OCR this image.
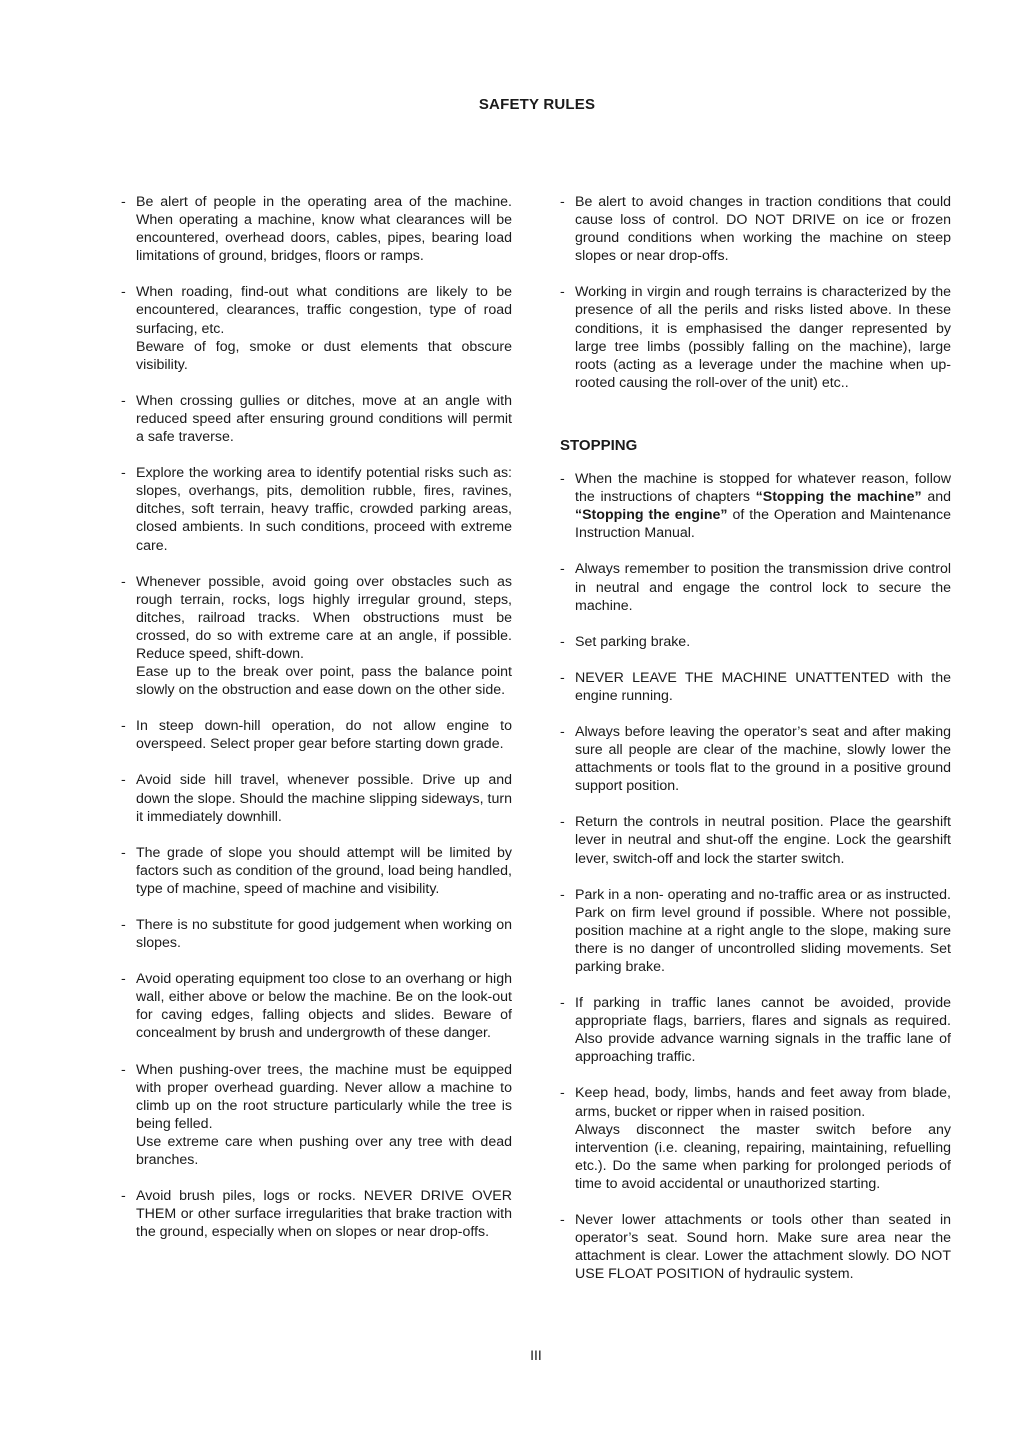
SAFETY RULES
- Be alert of people in the operating area of the machine. When operating a machine, know what clearances will be encountered, overhead doors, cables, pipes, bearing load limitations of ground, bridges, floors or ramps.

- When roading, find-out what conditions are likely to be encountered, clearances, traffic congestion, type of road surfacing, etc.

Beware of fog, smoke or dust elements that obscure visibility.

- When crossing gullies or ditches, move at an angle with reduced speed after ensuring ground conditions will permit a safe traverse.

- Explore the working area to identify potential risks such as: slopes, overhangs, pits, demolition rubble, fires, ravines, ditches, soft terrain, heavy traffic, crowded parking areas, closed ambients. In such conditions, proceed with extreme care.

- Whenever possible, avoid going over obstacles such as rough terrain, rocks, logs highly irregular ground, steps, ditches, railroad tracks. When obstructions must be crossed, do so with extreme care at an angle, if possible. Reduce speed, shift-down.

Ease up to the break over point, pass the balance point slowly on the obstruction and ease down on the other side.

- In steep down-hill operation, do not allow engine to overspeed. Select proper gear before starting down grade.

- Avoid side hill travel, whenever possible. Drive up and down the slope. Should the machine slipping sideways, turn it immediately downhill.

- The grade of slope you should attempt will be limited by factors such as condition of the ground, load being handled, type of machine, speed of machine and visibility.

- There is no substitute for good judgement when working on slopes.

- Avoid operating equipment too close to an overhang or high wall, either above or below the machine. Be on the look-out for caving edges, falling objects and slides. Beware of concealment by brush and undergrowth of these danger.

- When pushing-over trees, the machine must be equipped with proper overhead guarding. Never allow a machine to climb up on the root structure particularly while the tree is being felled.

Use extreme care when pushing over any tree with dead branches.

- Avoid brush piles, logs or rocks. NEVER DRIVE OVER THEM or other surface irregularities that brake traction with the ground, especially when on slopes or near drop-offs.

- Be alert to avoid changes in traction conditions that could cause loss of control. DO NOT DRIVE on ice or frozen ground conditions when working the machine on steep slopes or near drop-offs.

- Working in virgin and rough terrains is characterized by the presence of all the perils and risks listed above. In these conditions, it is emphasised the danger represented by large tree limbs (possibly falling on the machine), large roots (acting as a leverage under the machine when up-rooted causing the roll-over of the unit) etc..

STOPPING
- When the machine is stopped for whatever reason, follow the instructions of chapters “Stopping the machine” and “Stopping the engine” of the Operation and Maintenance Instruction Manual.

- Always remember to position the transmission drive control in neutral and engage the control lock to secure the machine.

- Set parking brake.

- NEVER LEAVE THE MACHINE UNATTENTED with the engine running.

- Always before leaving the operator’s seat and after making sure all people are clear of the machine, slowly lower the attachments or tools flat to the ground in a positive ground support position.

- Return the controls in neutral position. Place the gearshift lever in neutral and shut-off the engine. Lock the gearshift lever, switch-off and lock the starter switch.

- Park in a non- operating and no-traffic area or as instructed. Park on firm level ground if possible. Where not possible, position machine at a right angle to the slope, making sure there is no danger of uncontrolled sliding movements. Set parking brake.

- If parking in traffic lanes cannot be avoided, provide appropriate flags, barriers, flares and signals as required. Also provide advance warning signals in the traffic lane of approaching traffic.

- Keep head, body, limbs, hands and feet away from blade, arms, bucket or ripper when in raised position.

Always disconnect the master switch before any intervention (i.e. cleaning, repairing, maintaining, refuelling etc.). Do the same when parking for prolonged periods of time to avoid accidental or unauthorized starting.

- Never lower attachments or tools other than seated in operator’s seat. Sound horn. Make sure area near the attachment is clear. Lower the attachment slowly. DO NOT USE FLOAT POSITION of hydraulic system.

III
